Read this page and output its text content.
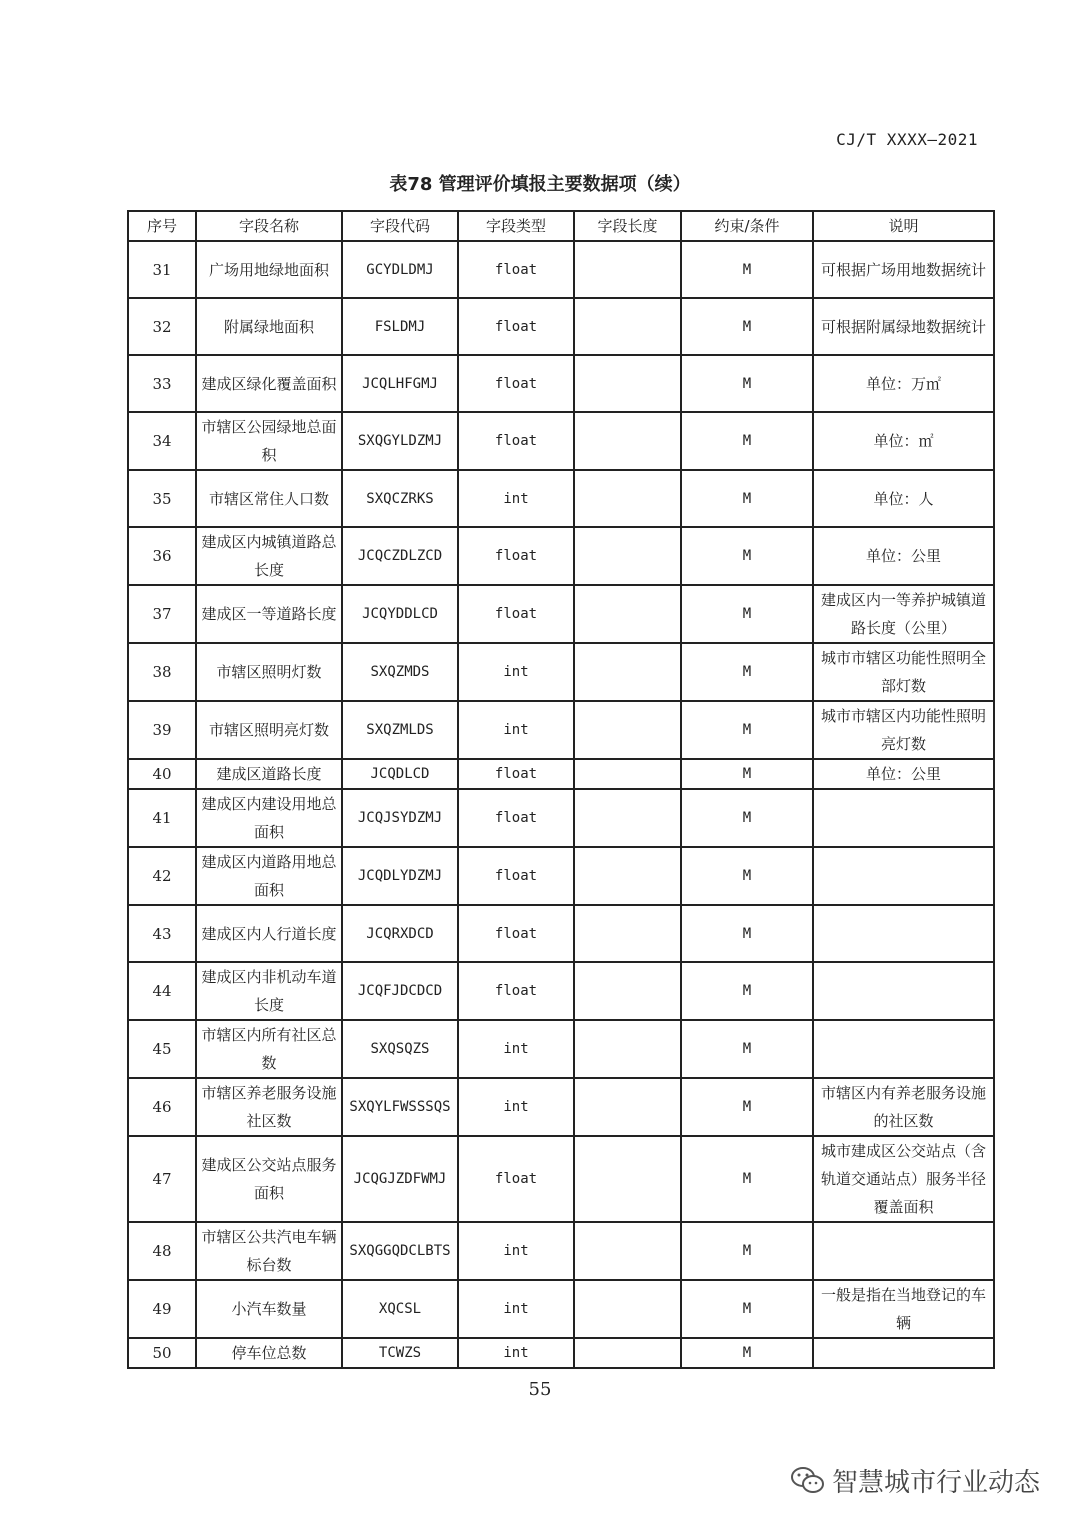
CJ/T XXXX—2021
表78 管理评价填报主要数据项（续）
序号	字段名称	字段代码	字段类型	字段长度	约束/条件	说明
31	广场用地绿地面积	GCYDLDMJ	float		M	可根据广场用地数据统计
32	附属绿地面积	FSLDMJ	float		M	可根据附属绿地数据统计
33	建成区绿化覆盖面积	JCQLHFGMJ	float		M	单位：万㎡
34	市辖区公园绿地总面积	SXQGYLDZMJ	float		M	单位：㎡
35	市辖区常住人口数	SXQCZRKS	int		M	单位：人
36	建成区内城镇道路总长度	JCQCZDLZCD	float		M	单位：公里
37	建成区一等道路长度	JCQYDDLCD	float		M	建成区内一等养护城镇道路长度（公里）
38	市辖区照明灯数	SXQZMDS	int		M	城市市辖区功能性照明全部灯数
39	市辖区照明亮灯数	SXQZMLDS	int		M	城市市辖区内功能性照明亮灯数
40	建成区道路长度	JCQDLCD	float		M	单位：公里
41	建成区内建设用地总面积	JCQJSYDZMJ	float		M	
42	建成区内道路用地总面积	JCQDLYDZMJ	float		M	
43	建成区内人行道长度	JCQRXDCD	float		M	
44	建成区内非机动车道长度	JCQFJDCDCD	float		M	
45	市辖区内所有社区总数	SXQSQZS	int		M	
46	市辖区养老服务设施社区数	SXQYLFWSSSQS	int		M	市辖区内有养老服务设施的社区数
47	建成区公交站点服务面积	JCQGJZDFWMJ	float		M	城市建成区公交站点（含轨道交通站点）服务半径覆盖面积
48	市辖区公共汽电车辆标台数	SXQGGQDCLBTS	int		M	
49	小汽车数量	XQCSL	int		M	一般是指在当地登记的车辆
50	停车位总数	TCWZS	int		M	
55
智慧城市行业动态
